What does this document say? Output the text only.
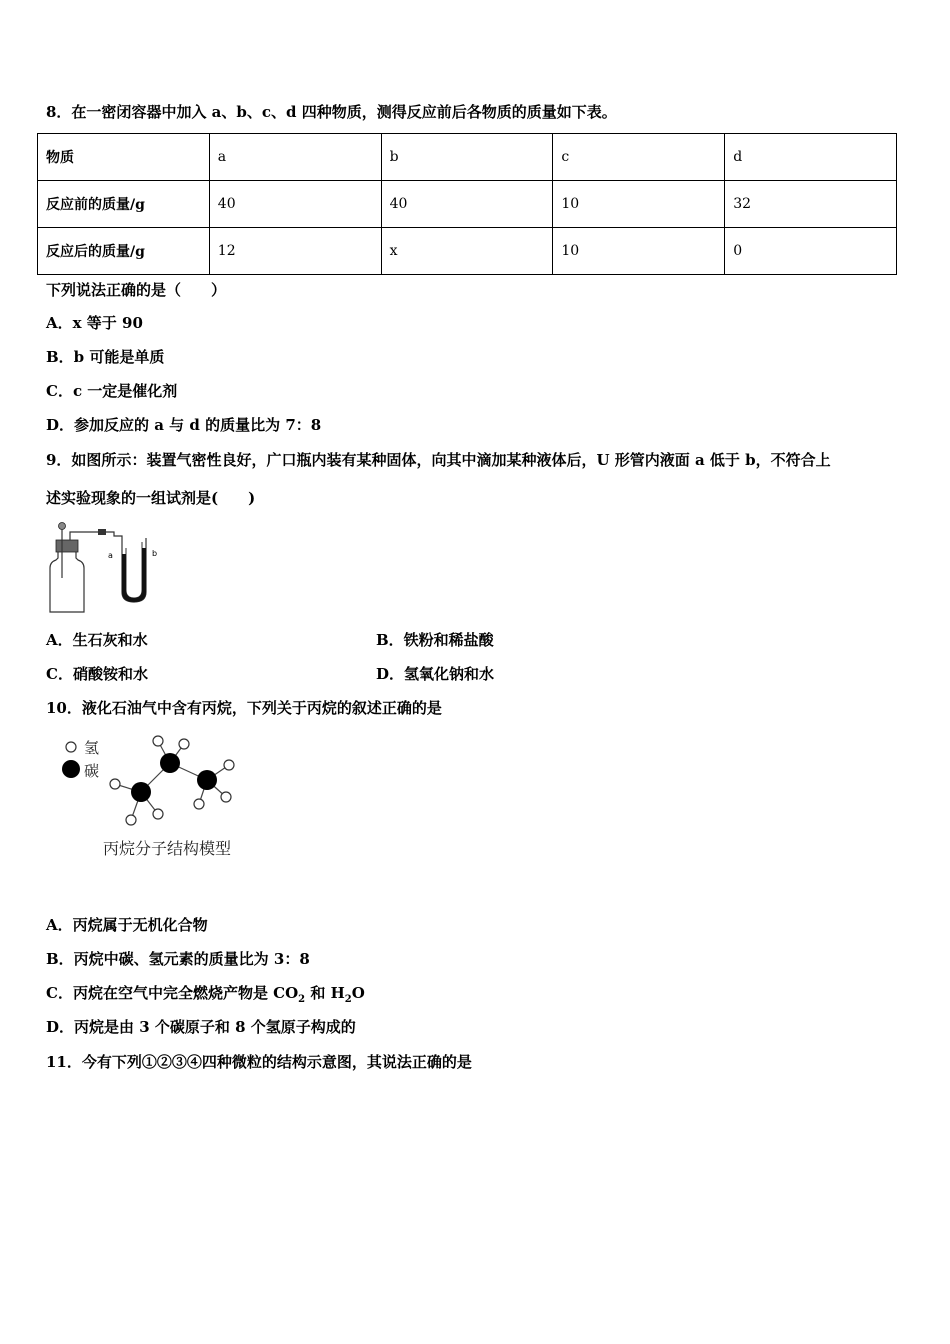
8．在一密闭容器中加入 a、b、c、d 四种物质，测得反应前后各物质的质量如下表。
物质	a	b	c	d
反应前的质量/g	40	40	10	32
反应后的质量/g	12	x	10	0
下列说法正确的是（　　）
A．x 等于 90
B．b 可能是单质
C．c 一定是催化剂
D．参加反应的 a 与 d 的质量比为 7：8
9．如图所示：装置气密性良好，广口瓶内装有某种固体，向其中滴加某种液体后，U 形管内液面 a 低于 b，不符合上
述实验现象的一组试剂是(　　)
a	b
A．生石灰和水	B．铁粉和稀盐酸
C．硝酸铵和水	D．氢氧化钠和水
10．液化石油气中含有丙烷，下列关于丙烷的叙述正确的是
氢
碳
丙烷分子结构模型
A．丙烷属于无机化合物
B．丙烷中碳、氢元素的质量比为 3：8
C．丙烷在空气中完全燃烧产物是 $CO_2$ 和 $H_2O$
D．丙烷是由 3 个碳原子和 8 个氢原子构成的
11．今有下列①②③④四种微粒的结构示意图，其说法正确的是
